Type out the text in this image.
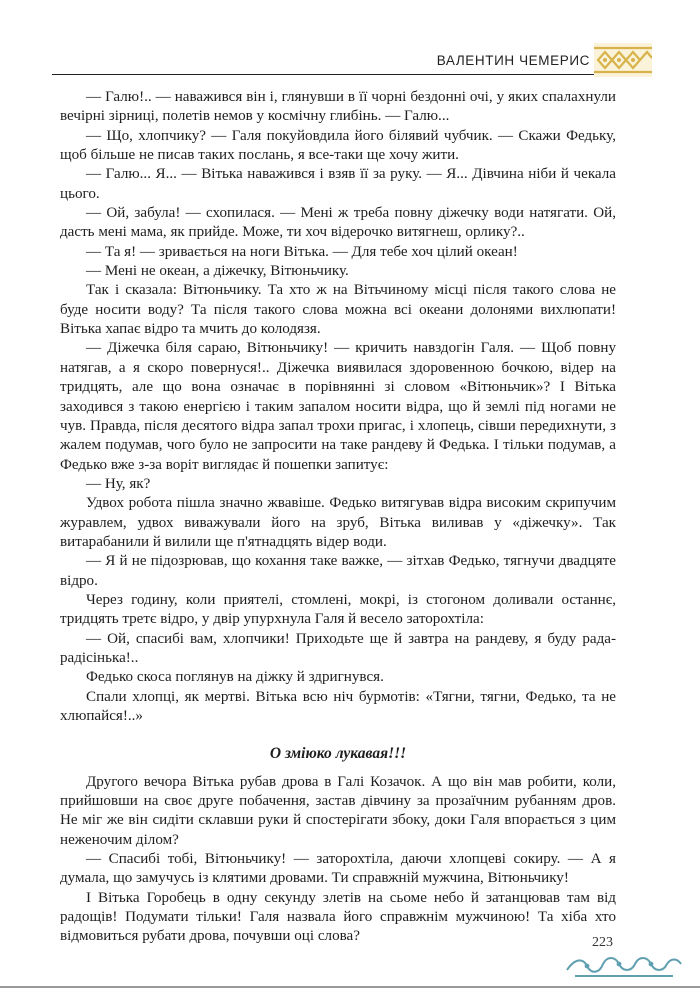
ВАЛЕНТИН ЧЕМЕРИС

— Галю!.. — наважився він і, глянувши в її чорні бездонні очі, у яких спалахнули вечірні зірниці, полетів немов у космічну глибінь. — Галю...

— Що, хлопчику? — Галя покуйовдила його білявий чубчик. — Скажи Федьку, щоб більше не писав таких послань, я все-таки ще хочу жити.

— Галю... Я... — Вітька наважився і взяв її за руку. — Я... Дівчина ніби й чекала цього.

— Ой, забула! — схопилася. — Мені ж треба повну діжечку води натягати. Ой, дасть мені мама, як прийде. Може, ти хоч відерочко витягнеш, орлику?..

— Та я! — зривається на ноги Вітька. — Для тебе хоч цілий океан!

— Мені не океан, а діжечку, Вітюньчику.

Так і сказала: Вітюньчику. Та хто ж на Вітьчиному місці після такого слова не буде носити воду? Та після такого слова можна всі океани долонями вихлюпати! Вітька хапає відро та мчить до колодязя.

— Діжечка біля сараю, Вітюньчику! — кричить навздогін Галя. — Щоб повну натягав, а я скоро повернуся!.. Діжечка виявилася здоровенною бочкою, відер на тридцять, але що вона означає в порівнянні зі словом «Вітюньчик»? І Вітька заходився з такою енергією і таким запалом носити відра, що й землі під ногами не чув. Правда, після десятого відра запал трохи пригас, і хлопець, сівши передихнути, з жалем подумав, чого було не запросити на таке рандеву й Федька. І тільки подумав, а Федько вже з-за воріт виглядає й пошепки запитує:

— Ну, як?

Удвох робота пішла значно жвавіше. Федько витягував відра високим скрипучим журавлем, удвох виважували його на зруб, Вітька виливав у «діжечку». Так витарабанили й вилили ще п'ятнадцять відер води.

— Я й не підозрював, що кохання таке важке, — зітхав Федько, тягнучи двадцяте відро.

Через годину, коли приятелі, стомлені, мокрі, із стогоном доливали останнє, тридцять третє відро, у двір упурхнула Галя й весело заторохтіла:

— Ой, спасибі вам, хлопчики! Приходьте ще й завтра на рандеву, я буду рада-радісінька!..

Федько скоса поглянув на діжку й здригнувся.

Спали хлопці, як мертві. Вітька всю ніч бурмотів: «Тягни, тягни, Федько, та не хлюпайся!..»

О змiюко лукавая!!!

Другого вечора Вітька рубав дрова в Галі Козачок. А що він мав робити, коли, прийшовши на своє друге побачення, застав дівчину за прозаїчним рубанням дров. Не міг же він сидіти склавши руки й спостерігати збоку, доки Галя впорається з цим неженочим ділом?

— Спасибі тобі, Вітюньчику! — заторохтіла, даючи хлопцеві сокиру. — А я думала, що замучусь із клятими дровами. Ти справжній мужчина, Вітюньчику!

І Вітька Горобець в одну секунду злетів на сьоме небо й затанцював там від радощів! Подумати тільки! Галя назвала його справжнім мужчиною! Та хіба хто відмовиться рубати дрова, почувши оці слова?	223
